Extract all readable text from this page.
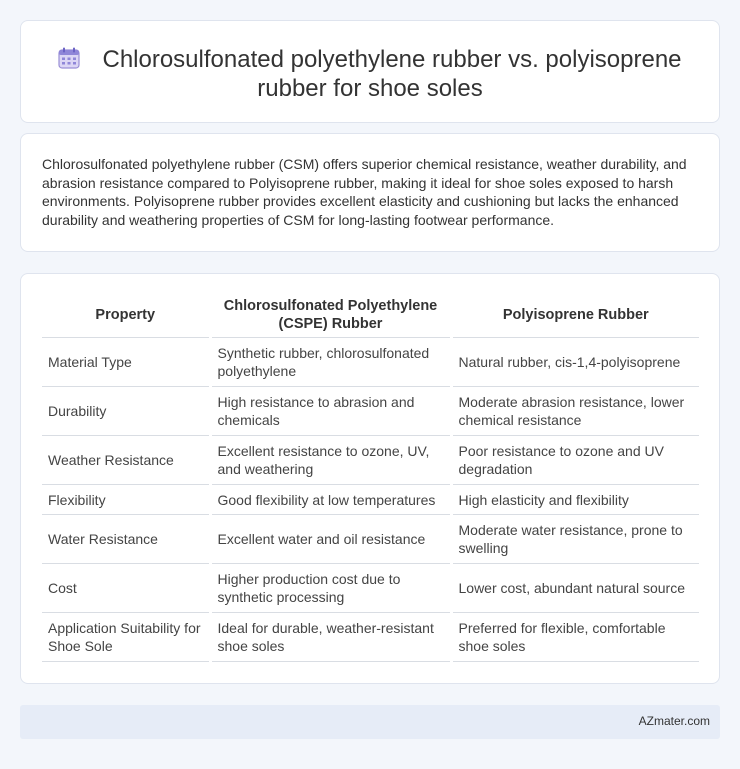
Chlorosulfonated polyethylene rubber vs. polyisoprene rubber for shoe soles

Chlorosulfonated polyethylene rubber (CSM) offers superior chemical resistance, weather durability, and abrasion resistance compared to Polyisoprene rubber, making it ideal for shoe soles exposed to harsh environments. Polyisoprene rubber provides excellent elasticity and cushioning but lacks the enhanced durability and weathering properties of CSM for long-lasting footwear performance.

Property	Chlorosulfonated Polyethylene (CSPE) Rubber	Polyisoprene Rubber
Material Type	Synthetic rubber, chlorosulfonated polyethylene	Natural rubber, cis-1,4-polyisoprene
Durability	High resistance to abrasion and chemicals	Moderate abrasion resistance, lower chemical resistance
Weather Resistance	Excellent resistance to ozone, UV, and weathering	Poor resistance to ozone and UV degradation
Flexibility	Good flexibility at low temperatures	High elasticity and flexibility
Water Resistance	Excellent water and oil resistance	Moderate water resistance, prone to swelling
Cost	Higher production cost due to synthetic processing	Lower cost, abundant natural source
Application Suitability for Shoe Sole	Ideal for durable, weather-resistant shoe soles	Preferred for flexible, comfortable shoe soles
AZmater.com
